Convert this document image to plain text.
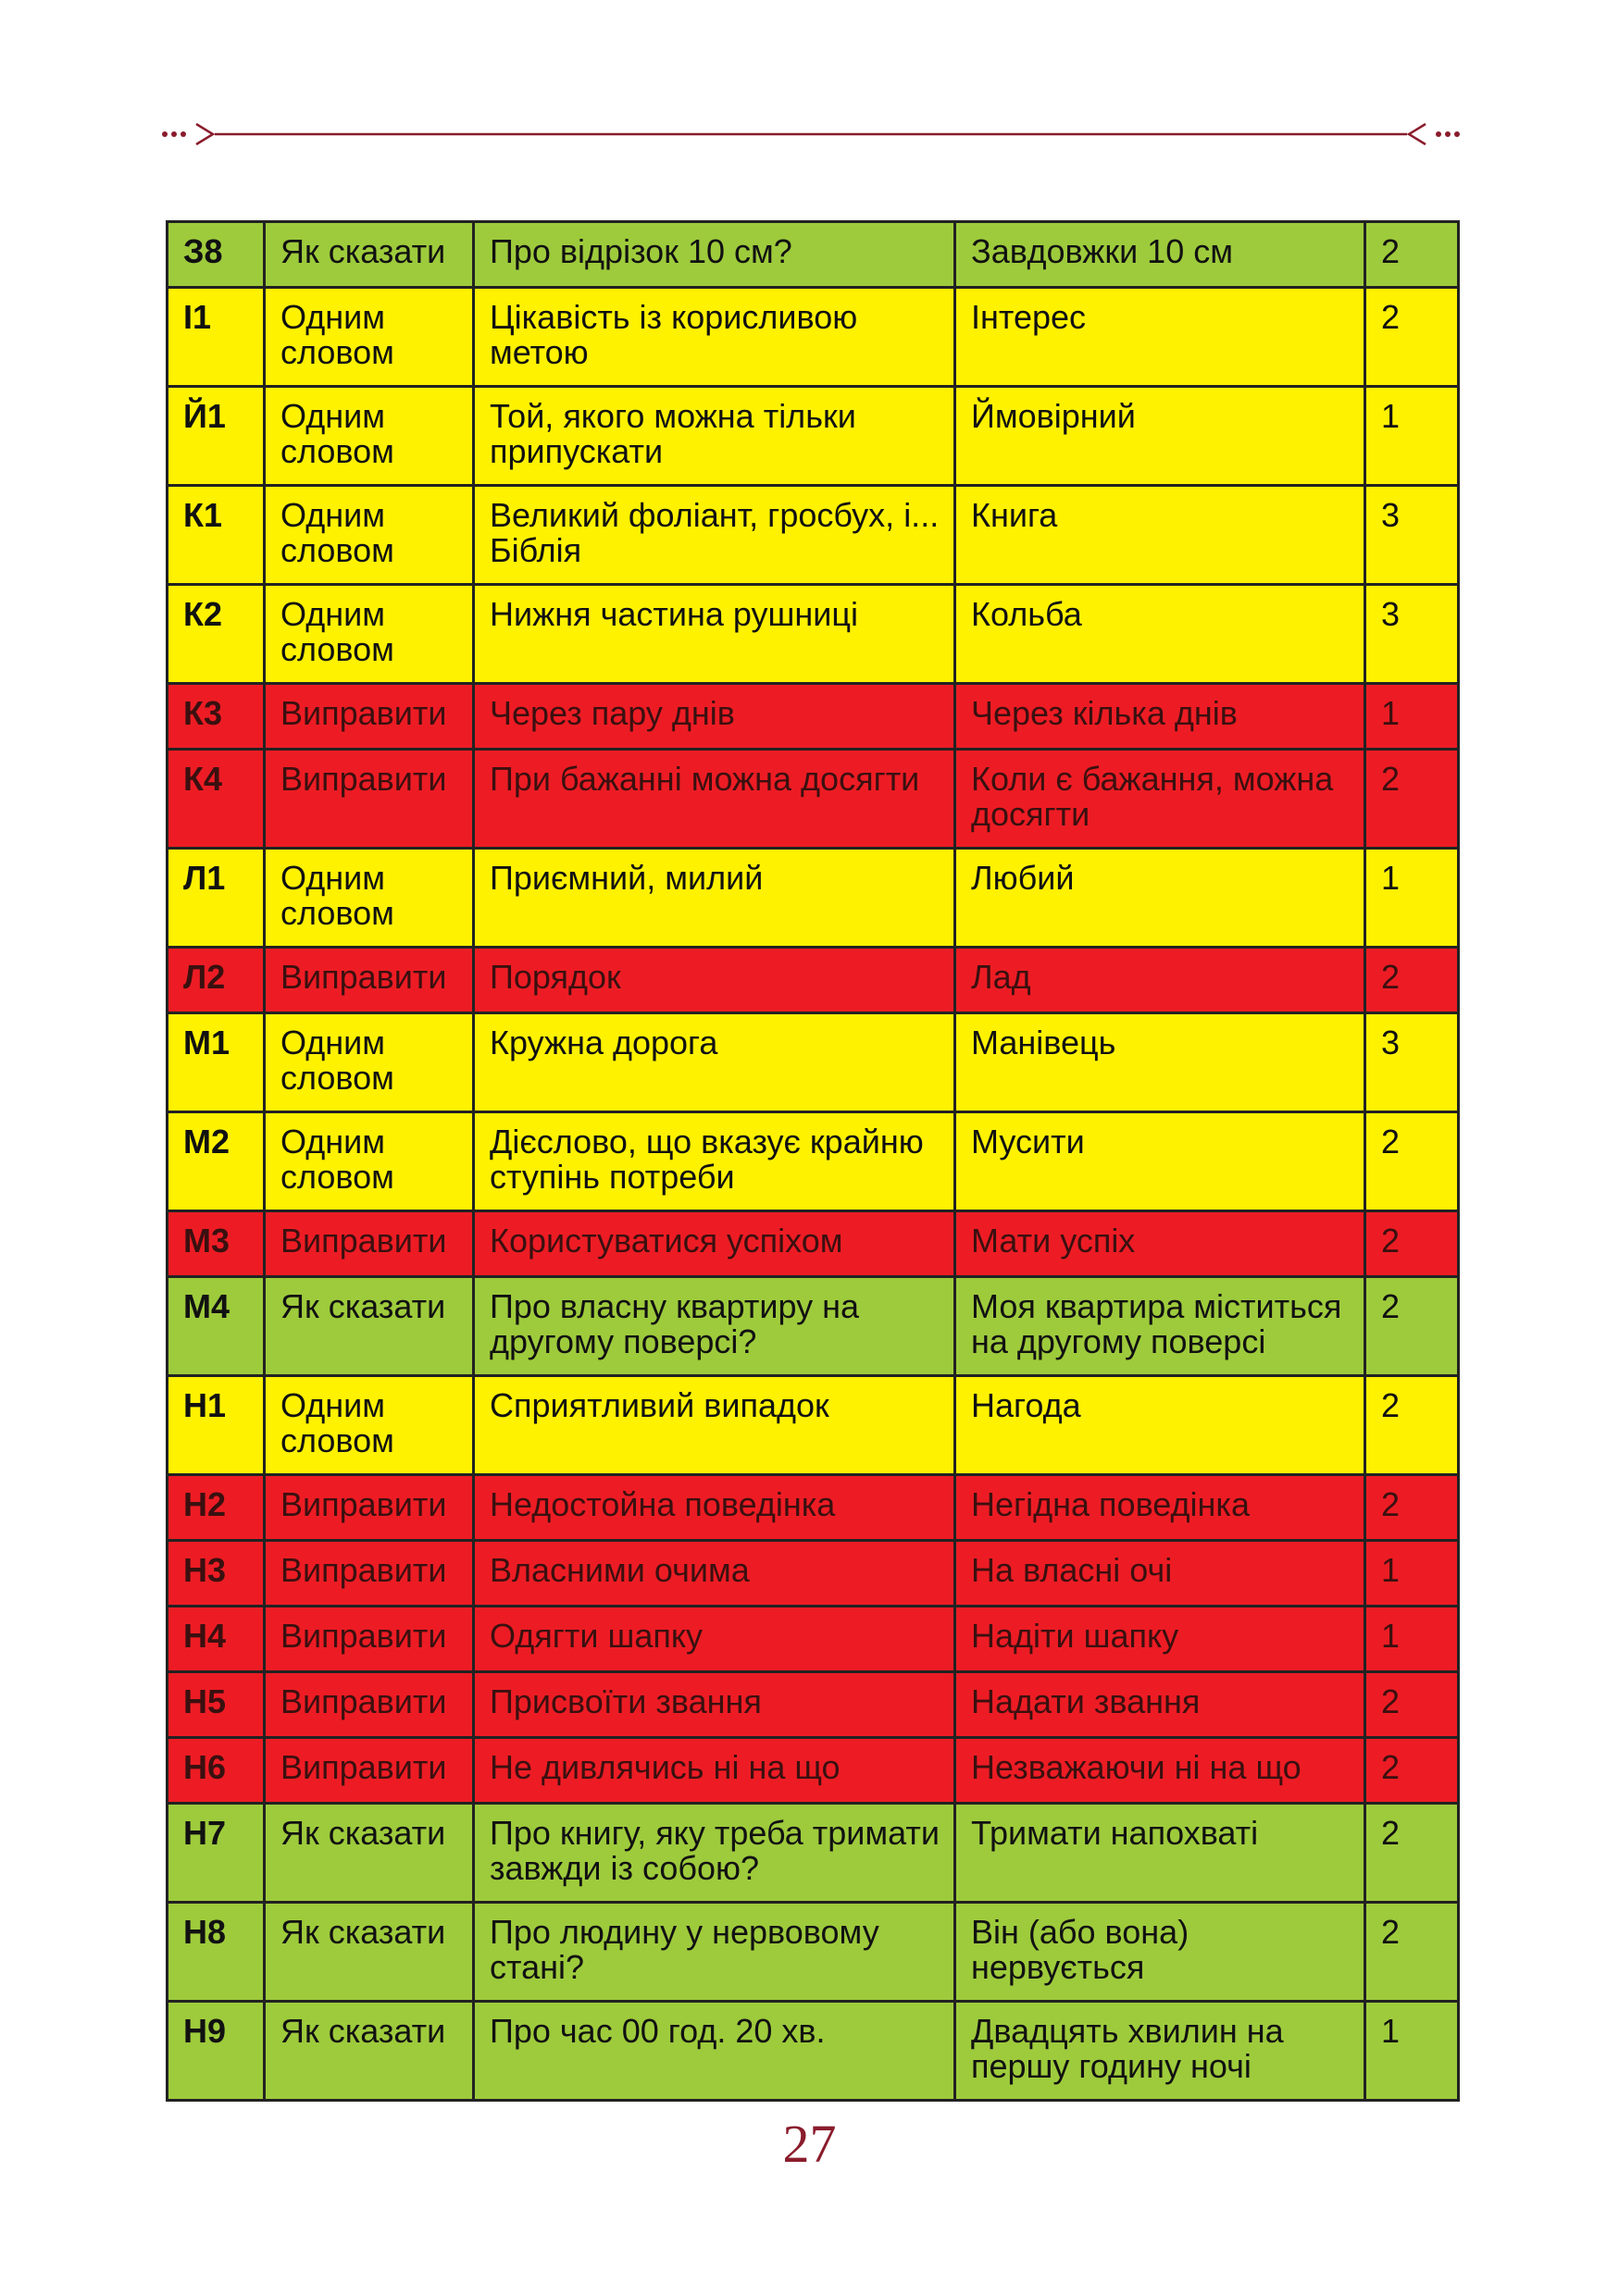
З8	Як сказати	Про відрізок 10 см?	Завдовжки 10 см	2
І1	Одним словом	Цікавість із корисливою метою	Інтерес	2
Й1	Одним словом	Той, якого можна тільки припускати	Ймовірний	1
К1	Одним словом	Великий фоліант, гросбух, і... Біблія	Книга	3
К2	Одним словом	Нижня частина рушниці	Кольба	3
К3	Виправити	Через пару днів	Через кілька днів	1
К4	Виправити	При бажанні можна досягти	Коли є бажання, можна досягти	2
Л1	Одним словом	Приємний, милий	Любий	1
Л2	Виправити	Порядок	Лад	2
М1	Одним словом	Кружна дорога	Манівець	3
М2	Одним словом	Дієслово, що вказує крайню ступінь потреби	Мусити	2
М3	Виправити	Користуватися успіхом	Мати успіх	2
М4	Як сказати	Про власну квартиру на другому поверсі?	Моя квартира міститься на другому поверсі	2
Н1	Одним словом	Сприятливий випадок	Нагода	2
Н2	Виправити	Недостойна поведінка	Негідна поведінка	2
Н3	Виправити	Власними очима	На власні очі	1
Н4	Виправити	Одягти шапку	Надіти шапку	1
Н5	Виправити	Присвоїти звання	Надати звання	2
Н6	Виправити	Не дивлячись ні на що	Незважаючи ні на що	2
Н7	Як сказати	Про книгу, яку треба тримати завжди із собою?	Тримати напохваті	2
Н8	Як сказати	Про людину у нервовому стані?	Він (або вона) нервується	2
Н9	Як сказати	Про час 00 год. 20 хв.	Двадцять хвилин на першу годину ночі	1
27
